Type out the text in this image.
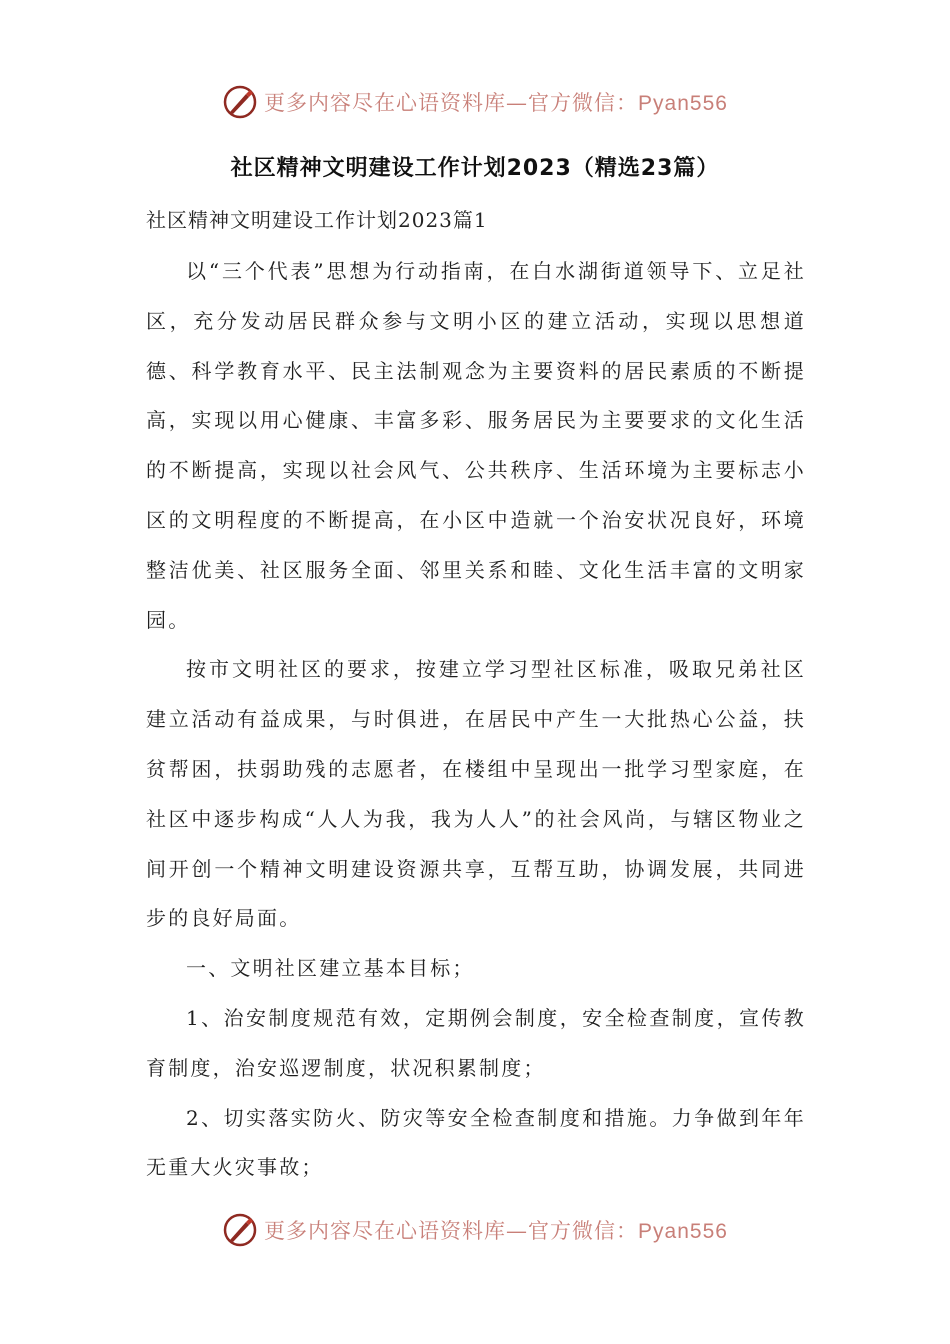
更多内容尽在心语资料库—官方微信：Pyan556
社区精神文明建设工作计划2023（精选23篇）
社区精神文明建设工作计划2023篇1

以“三个代表”思想为行动指南，在白水湖街道领导下、立足社区，充分发动居民群众参与文明小区的建立活动，实现以思想道德、科学教育水平、民主法制观念为主要资料的居民素质的不断提高，实现以用心健康、丰富多彩、服务居民为主要要求的文化生活的不断提高，实现以社会风气、公共秩序、生活环境为主要标志小区的文明程度的不断提高，在小区中造就一个治安状况良好，环境整洁优美、社区服务全面、邻里关系和睦、文化生活丰富的文明家园。

按市文明社区的要求，按建立学习型社区标准，吸取兄弟社区建立活动有益成果，与时俱进，在居民中产生一大批热心公益，扶贫帮困，扶弱助残的志愿者，在楼组中呈现出一批学习型家庭，在社区中逐步构成“人人为我，我为人人”的社会风尚，与辖区物业之间开创一个精神文明建设资源共享，互帮互助，协调发展，共同进步的良好局面。

一、文明社区建立基本目标；

1、治安制度规范有效，定期例会制度，安全检查制度，宣传教育制度，治安巡逻制度，状况积累制度；

2、切实落实防火、防灾等安全检查制度和措施。力争做到年年无重大火灾事故；

更多内容尽在心语资料库—官方微信：Pyan556
